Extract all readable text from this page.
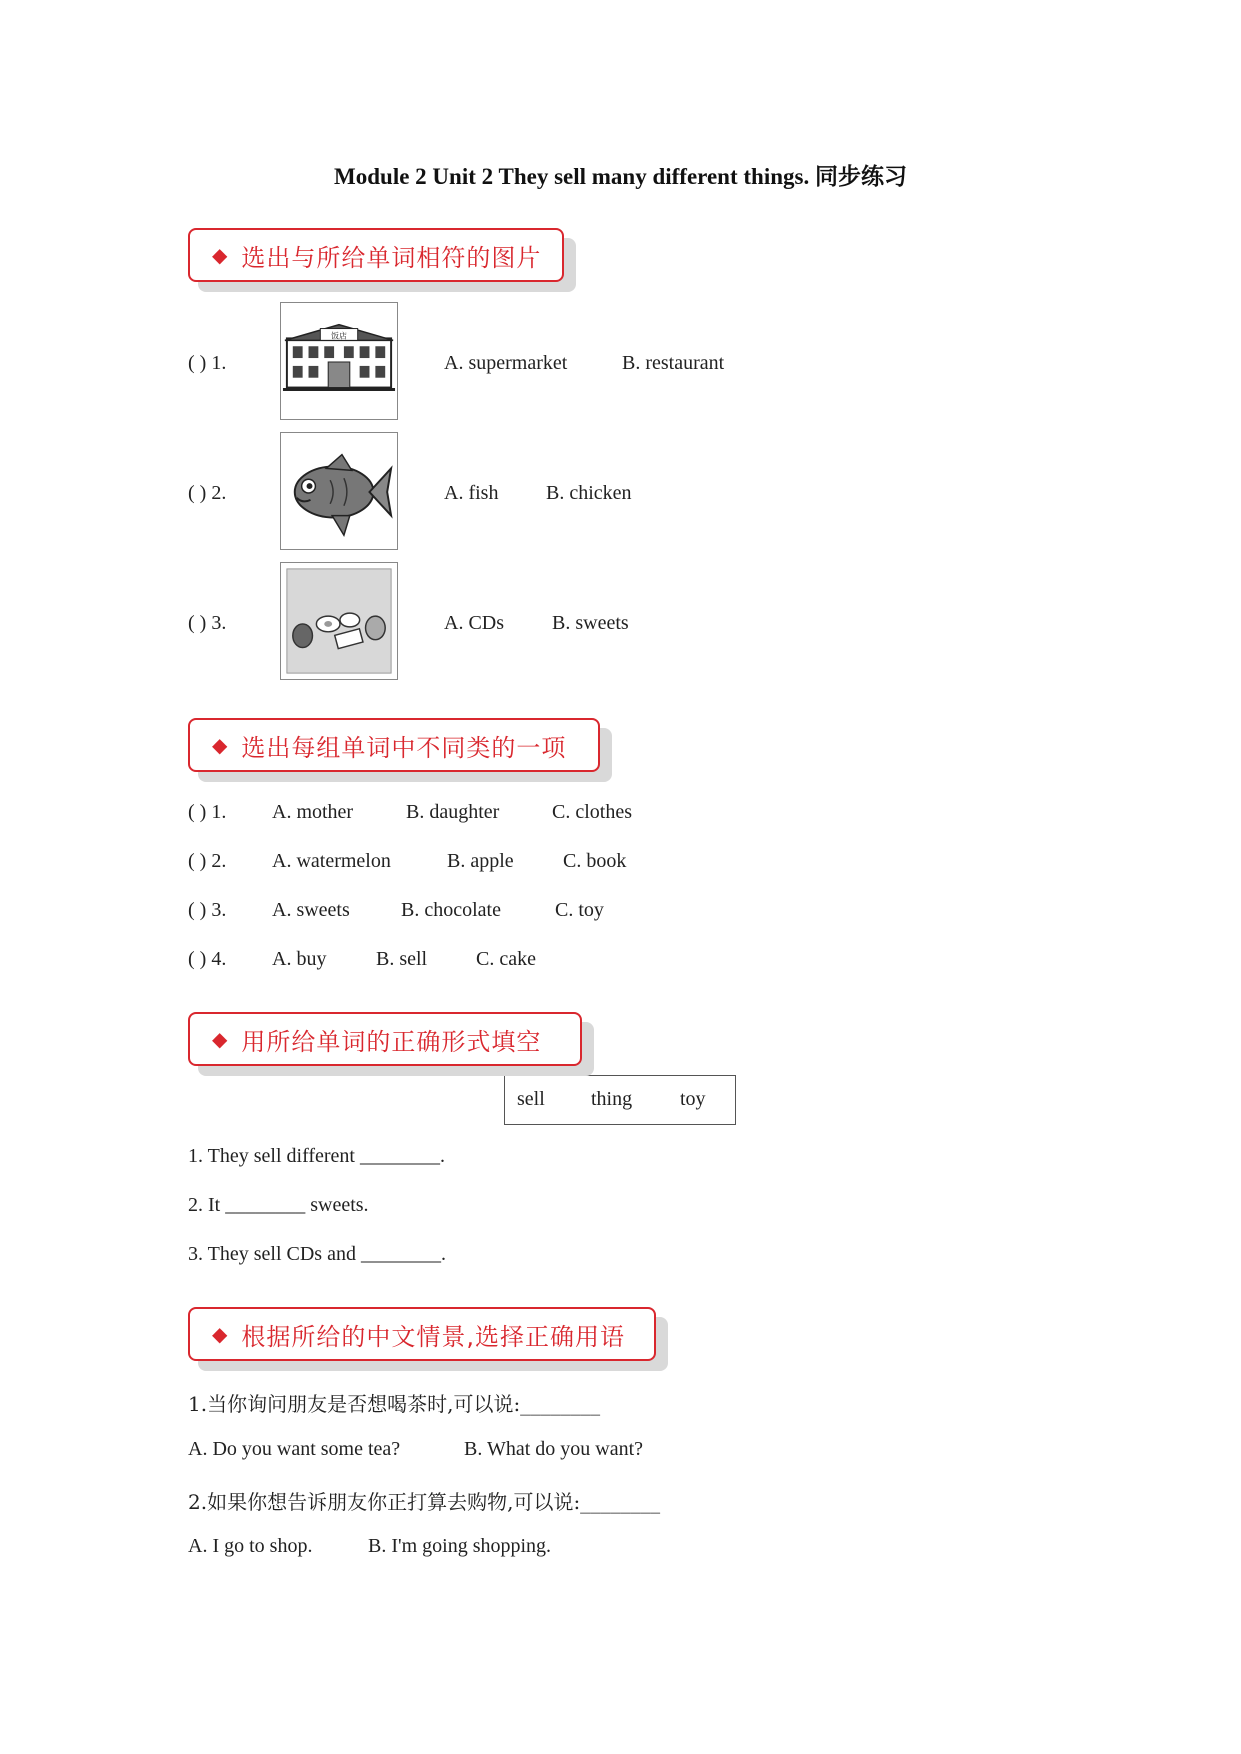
Module 2 Unit 2 They sell many different things. 同步练习
◆ 选出与所给单词相符的图片
( ) 1.
饭店
A. supermarket	B. restaurant
( ) 2.	A. fish B. chicken
( ) 3.	A. CDs B. sweets
◆ 选出每组单词中不同类的一项
( ) 1. A. mother	B. daughter	C. clothes
( ) 2. A. watermelon	B. apple C. book
( ) 3. A. sweets	B. chocolate	C. toy
( ) 4. A. buy B. sell C. cake
◆ 用所给单词的正确形式填空
sell thing toy
1. They sell different ________.
2. It ________ sweets.
3. They sell CDs and ________.
◆ 根据所给的中文情景,选择正确用语
1.当你询问朋友是否想喝茶时,可以说:________
A. Do you want some tea?	B. What do you want?
2.如果你想告诉朋友你正打算去购物,可以说:________
A. I go to shop.	B. I'm going shopping.
